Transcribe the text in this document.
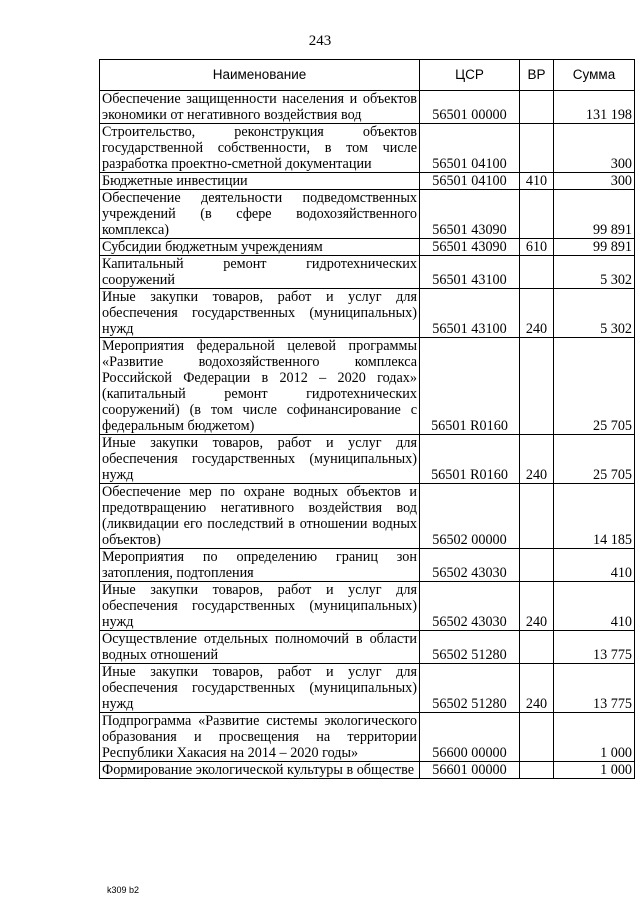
243
Наименование	ЦСР	ВР	Сумма
Обеспечение защищенности населения и объектов экономики от негативного воздействия вод	56501 00000		131 198
Строительство, реконструкция объектов государственной собственности, в том числе разработка проектно-сметной документации	56501 04100		300
Бюджетные инвестиции	56501 04100	410	300
Обеспечение деятельности подведомственных учреждений (в сфере водохозяйственного комплекса)	56501 43090		99 891
Субсидии бюджетным учреждениям	56501 43090	610	99 891
Капитальный ремонт гидротехнических сооружений	56501 43100		5 302
Иные закупки товаров, работ и услуг для обеспечения государственных (муниципальных) нужд	56501 43100	240	5 302
Мероприятия федеральной целевой программы «Развитие водохозяйственного комплекса Российской Федерации в 2012 – 2020 годах» (капитальный ремонт гидротехнических сооружений) (в том числе софинансирование с федеральным бюджетом)	56501 R0160		25 705
Иные закупки товаров, работ и услуг для обеспечения государственных (муниципальных) нужд	56501 R0160	240	25 705
Обеспечение мер по охране водных объектов и предотвращению негативного воздействия вод (ликвидации его последствий в отношении водных объектов)	56502 00000		14 185
Мероприятия по определению границ зон затопления, подтопления	56502 43030		410
Иные закупки товаров, работ и услуг для обеспечения государственных (муниципальных) нужд	56502 43030	240	410
Осуществление отдельных полномочий в области водных отношений	56502 51280		13 775
Иные закупки товаров, работ и услуг для обеспечения государственных (муниципальных) нужд	56502 51280	240	13 775
Подпрограмма «Развитие системы экологического образования и просвещения на территории Республики Хакасия на 2014 – 2020 годы»	56600 00000		1 000
Формирование экологической культуры в обществе	56601 00000		1 000
k309 b2
